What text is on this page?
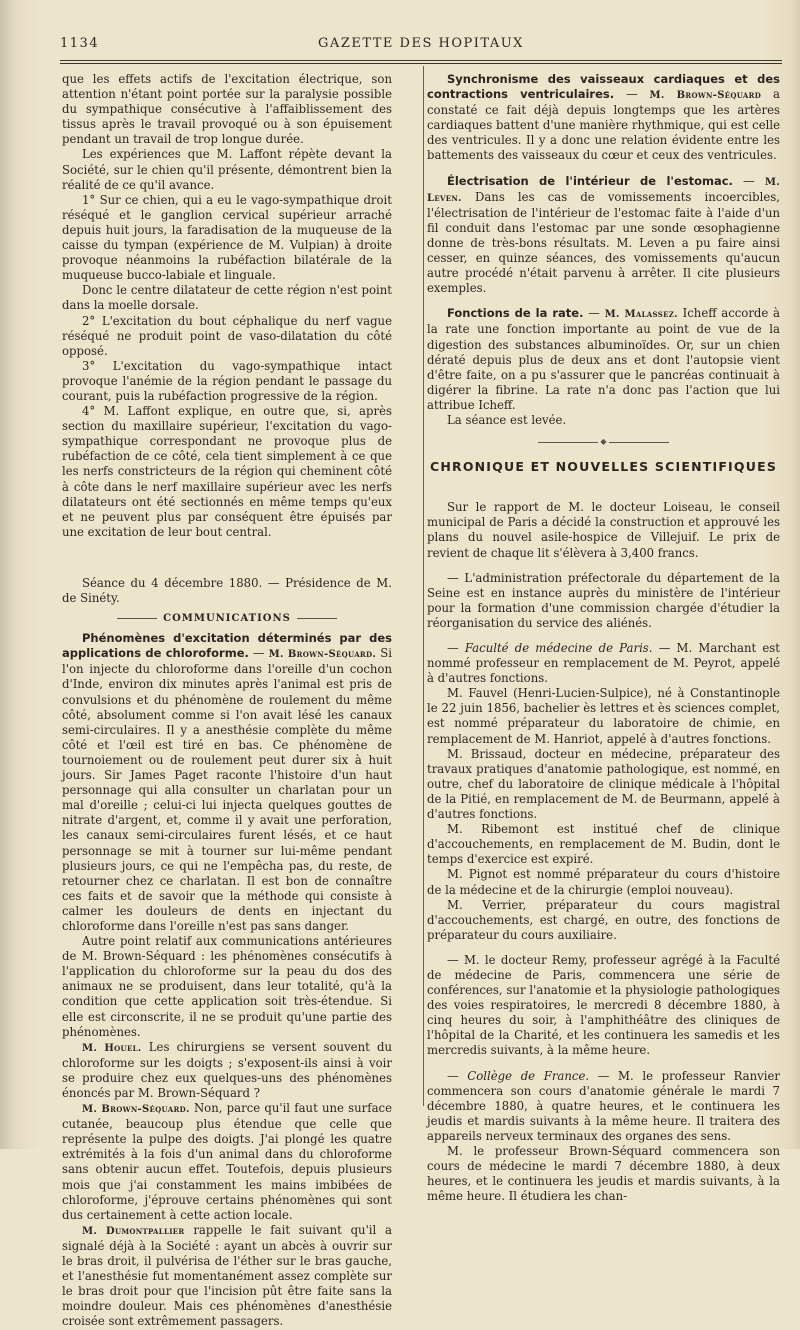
1134	GAZETTE DES HOPITAUX

que les effets actifs de l'excitation électrique, son attention n'étant point portée sur la paralysie possible du sympathique consécutive à l'affaiblissement des tissus après le travail provoqué ou à son épuisement pendant un travail de trop longue durée.

Les expériences que M. Laffont répète devant la Société, sur le chien qu'il présente, démontrent bien la réalité de ce qu'il avance.

1° Sur ce chien, qui a eu le vago-sympathique droit réséqué et le ganglion cervical supérieur arraché depuis huit jours, la faradisation de la muqueuse de la caisse du tympan (expérience de M. Vulpian) à droite provoque néanmoins la rubéfaction bilatérale de la muqueuse bucco-labiale et linguale.

Donc le centre dilatateur de cette région n'est point dans la moelle dorsale.

2° L'excitation du bout céphalique du nerf vague réséqué ne produit point de vaso-dilatation du côté opposé.

3° L'excitation du vago-sympathique intact provoque l'anémie de la région pendant le passage du courant, puis la rubéfaction progressive de la région.

4° M. Laffont explique, en outre que, si, après section du maxillaire supérieur, l'excitation du vago-sympathique correspondant ne provoque plus de rubéfaction de ce côté, cela tient simplement à ce que les nerfs constricteurs de la région qui cheminent côté à côte dans le nerf maxillaire supérieur avec les nerfs dilatateurs ont été sectionnés en même temps qu'eux et ne peuvent plus par conséquent être épuisés par une excitation de leur bout central.

Séance du 4 décembre 1880. — Présidence de M. de Sinéty.

COMMUNICATIONS

Phénomènes d'excitation déterminés par des applications de chloroforme. — M. Brown-Séquard. Si l'on injecte du chloroforme dans l'oreille d'un cochon d'Inde, environ dix minutes après l'animal est pris de convulsions et du phénomène de roulement du même côté, absolument comme si l'on avait lésé les canaux semi-circulaires. Il y a anesthésie complète du même côté et l'œil est tiré en bas. Ce phénomène de tournoiement ou de roulement peut durer six à huit jours. Sir James Paget raconte l'histoire d'un haut personnage qui alla consulter un charlatan pour un mal d'oreille ; celui-ci lui injecta quelques gouttes de nitrate d'argent, et, comme il y avait une perforation, les canaux semi-circulaires furent lésés, et ce haut personnage se mit à tourner sur lui-même pendant plusieurs jours, ce qui ne l'empêcha pas, du reste, de retourner chez ce charlatan. Il est bon de connaître ces faits et de savoir que la méthode qui consiste à calmer les douleurs de dents en injectant du chloroforme dans l'oreille n'est pas sans danger.

Autre point relatif aux communications antérieures de M. Brown-Séquard : les phénomènes consécutifs à l'application du chloroforme sur la peau du dos des animaux ne se produisent, dans leur totalité, qu'à la condition que cette application soit très-étendue. Si elle est circonscrite, il ne se produit qu'une partie des phénomènes.

M. Houel. Les chirurgiens se versent souvent du chloroforme sur les doigts ; s'exposent-ils ainsi à voir se produire chez eux quelques-uns des phénomènes énoncés par M. Brown-Séquard ?

M. Brown-Séquard. Non, parce qu'il faut une surface cutanée, beaucoup plus étendue que celle que représente la pulpe des doigts. J'ai plongé les quatre extrémités à la fois d'un animal dans du chloroforme sans obtenir aucun effet. Toutefois, depuis plusieurs mois que j'ai constamment les mains imbibées de chloroforme, j'éprouve certains phénomènes qui sont dus certainement à cette action locale.

M. Dumontpallier rappelle le fait suivant qu'il a signalé déjà à la Société : ayant un abcès à ouvrir sur le bras droit, il pulvérisa de l'éther sur le bras gauche, et l'anesthésie fut momentanément assez complète sur le bras droit pour que l'incision pût être faite sans la moindre douleur. Mais ces phénomènes d'anesthésie croisée sont extrêmement passagers.

Synchronisme des vaisseaux cardiaques et des contractions ventriculaires. — M. Brown-Séquard a constaté ce fait déjà depuis longtemps que les artères cardiaques battent d'une manière rhythmique, qui est celle des ventricules. Il y a donc une relation évidente entre les battements des vaisseaux du cœur et ceux des ventricules.

Électrisation de l'intérieur de l'estomac. — M. Leven. Dans les cas de vomissements incoercibles, l'électrisation de l'intérieur de l'estomac faite à l'aide d'un fil conduit dans l'estomac par une sonde œsophagienne donne de très-bons résultats. M. Leven a pu faire ainsi cesser, en quinze séances, des vomissements qu'aucun autre procédé n'était parvenu à arrêter. Il cite plusieurs exemples.

Fonctions de la rate. — M. Malassez. Icheff accorde à la rate une fonction importante au point de vue de la digestion des substances albuminoïdes. Or, sur un chien dératé depuis plus de deux ans et dont l'autopsie vient d'être faite, on a pu s'assurer que le pancréas continuait à digérer la fibrine. La rate n'a donc pas l'action que lui attribue Icheff.

La séance est levée.

◆

CHRONIQUE ET NOUVELLES SCIENTIFIQUES

Sur le rapport de M. le docteur Loiseau, le conseil municipal de Paris a décidé la construction et approuvé les plans du nouvel asile-hospice de Villejuif. Le prix de revient de chaque lit s'élèvera à 3,400 francs.

— L'administration préfectorale du département de la Seine est en instance auprès du ministère de l'intérieur pour la formation d'une commission chargée d'étudier la réorganisation du service des aliénés.

— Faculté de médecine de Paris. — M. Marchant est nommé professeur en remplacement de M. Peyrot, appelé à d'autres fonctions.

M. Fauvel (Henri-Lucien-Sulpice), né à Constantinople le 22 juin 1856, bachelier ès lettres et ès sciences complet, est nommé préparateur du laboratoire de chimie, en remplacement de M. Hanriot, appelé à d'autres fonctions.

M. Brissaud, docteur en médecine, préparateur des travaux pratiques d'anatomie pathologique, est nommé, en outre, chef du laboratoire de clinique médicale à l'hôpital de la Pitié, en remplacement de M. de Beurmann, appelé à d'autres fonctions.

M. Ribemont est institué chef de clinique d'accouchements, en remplacement de M. Budin, dont le temps d'exercice est expiré.

M. Pignot est nommé préparateur du cours d'histoire de la médecine et de la chirurgie (emploi nouveau).

M. Verrier, préparateur du cours magistral d'accouchements, est chargé, en outre, des fonctions de préparateur du cours auxiliaire.

— M. le docteur Remy, professeur agrégé à la Faculté de médecine de Paris, commencera une série de conférences, sur l'anatomie et la physiologie pathologiques des voies respiratoires, le mercredi 8 décembre 1880, à cinq heures du soir, à l'amphithéâtre des cliniques de l'hôpital de la Charité, et les continuera les samedis et les mercredis suivants, à la même heure.

— Collège de France. — M. le professeur Ranvier commencera son cours d'anatomie générale le mardi 7 décembre 1880, à quatre heures, et le continuera les jeudis et mardis suivants à la même heure. Il traitera des appareils nerveux terminaux des organes des sens.

M. le professeur Brown-Séquard commencera son cours de médecine le mardi 7 décembre 1880, à deux heures, et le continuera les jeudis et mardis suivants, à la même heure. Il étudiera les chan-
